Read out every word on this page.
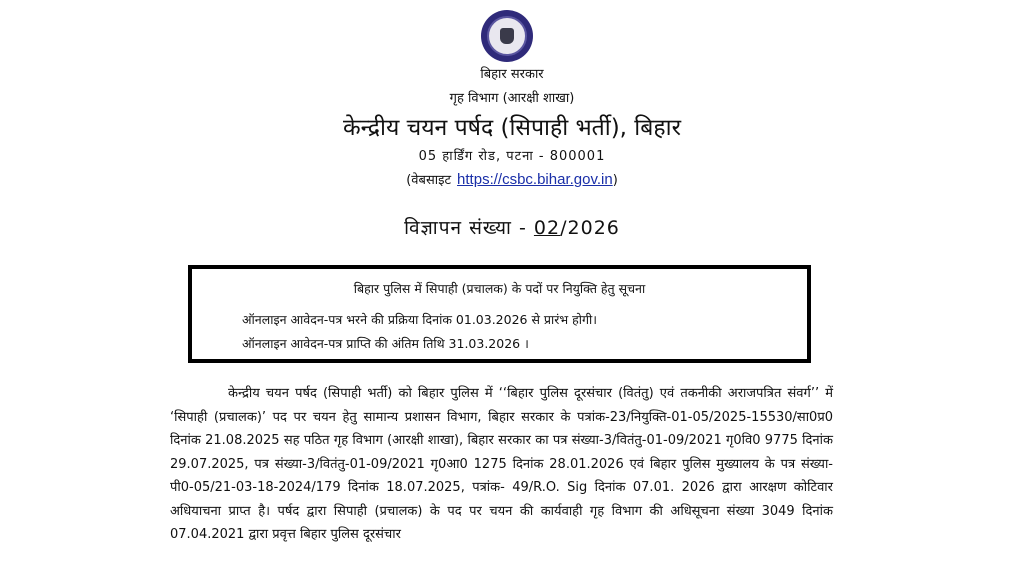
बिहार सरकार
गृह विभाग (आरक्षी शाखा)
केन्द्रीय चयन पर्षद (सिपाही भर्ती), बिहार
05 हार्डिंग रोड, पटना - 800001
(वेबसाइट https://csbc.bihar.gov.in)
विज्ञापन संख्या - 02/2026
बिहार पुलिस में सिपाही (प्रचालक) के पदों पर नियुक्ति हेतु सूचना
ऑनलाइन आवेदन-पत्र भरने की प्रक्रिया दिनांक 01.03.2026 से प्रारंभ होगी।
ऑनलाइन आवेदन-पत्र प्राप्ति की अंतिम तिथि 31.03.2026 ।
केन्द्रीय चयन पर्षद (सिपाही भर्ती) को बिहार पुलिस में ‘‘बिहार पुलिस दूरसंचार (वितंतु) एवं तकनीकी अराजपत्रित संवर्ग’’ में ‘सिपाही (प्रचालक)’ पद पर चयन हेतु सामान्य प्रशासन विभाग, बिहार सरकार के पत्रांक-23/नियुक्ति-01-05/2025-15530/सा0प्र0 दिनांक 21.08.2025 सह पठित गृह विभाग (आरक्षी शाखा), बिहार सरकार का पत्र संख्या-3/वितंतु-01-09/2021 गृ0वि0 9775 दिनांक 29.07.2025, पत्र संख्या-3/वितंतु-01-09/2021 गृ0आ0 1275 दिनांक 28.01.2026 एवं बिहार पुलिस मुख्यालय के पत्र संख्या- पी0-05/21-03-18-2024/179 दिनांक 18.07.2025, पत्रांक- 49/R.O. Sig दिनांक 07.01. 2026 द्वारा आरक्षण कोटिवार अधियाचना प्राप्त है। पर्षद द्वारा सिपाही (प्रचालक) के पद पर चयन की कार्यवाही गृह विभाग की अधिसूचना संख्या 3049 दिनांक 07.04.2021 द्वारा प्रवृत्त बिहार पुलिस दूरसंचार
